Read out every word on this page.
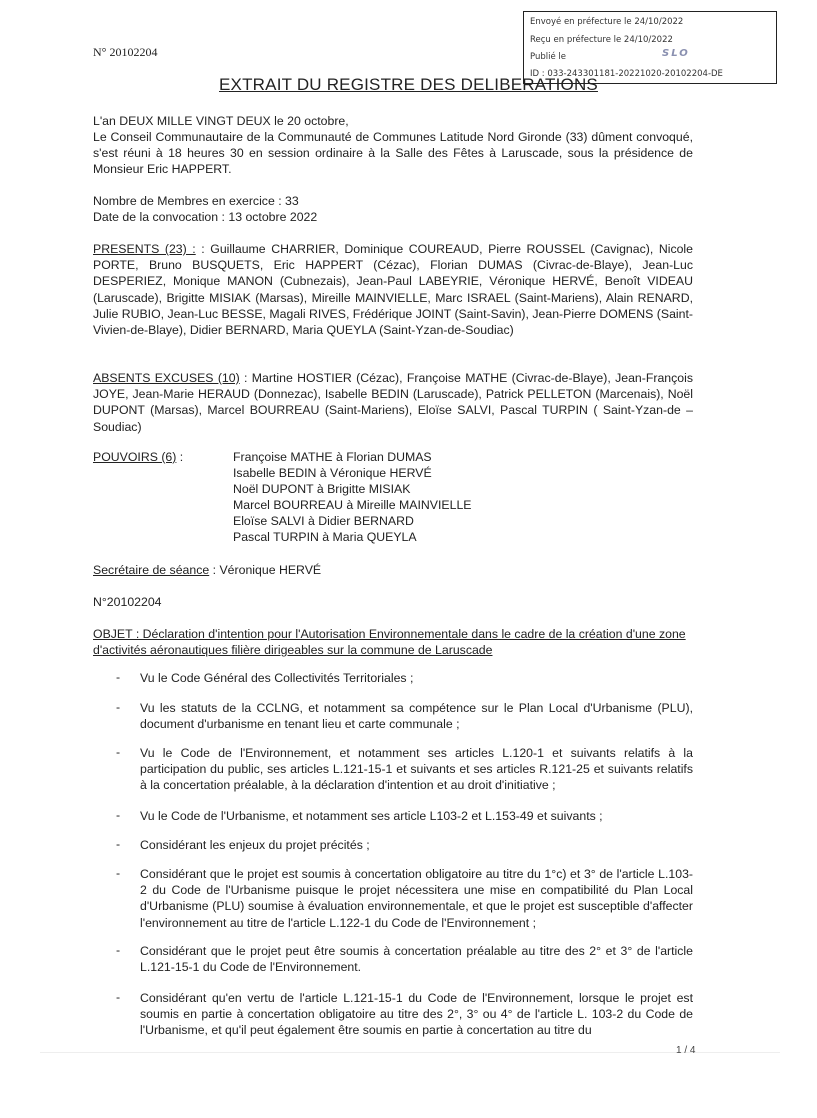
Envoyé en préfecture le 24/10/2022
Reçu en préfecture le 24/10/2022
Publié le	SLO
ID : 033-243301181-20221020-20102204-DE
N° 20102204
EXTRAIT DU REGISTRE DES DELIBERATIONS
L'an DEUX MILLE VINGT DEUX le 20 octobre,
Le Conseil Communautaire de la Communauté de Communes Latitude Nord Gironde (33) dûment convoqué, s'est réuni à 18 heures 30 en session ordinaire à la Salle des Fêtes à Laruscade, sous la présidence de Monsieur Eric HAPPERT.
Nombre de Membres en exercice : 33
Date de la convocation : 13 octobre 2022
PRESENTS (23) : : Guillaume CHARRIER, Dominique COUREAUD, Pierre ROUSSEL (Cavignac), Nicole PORTE, Bruno BUSQUETS, Eric HAPPERT (Cézac), Florian DUMAS (Civrac-de-Blaye), Jean-Luc DESPERIEZ, Monique MANON (Cubnezais), Jean-Paul LABEYRIE, Véronique HERVÉ, Benoît VIDEAU (Laruscade), Brigitte MISIAK (Marsas), Mireille MAINVIELLE, Marc ISRAEL (Saint-Mariens), Alain RENARD, Julie RUBIO, Jean-Luc BESSE, Magali RIVES, Frédérique JOINT (Saint-Savin), Jean-Pierre DOMENS (Saint-Vivien-de-Blaye), Didier BERNARD, Maria QUEYLA (Saint-Yzan-de-Soudiac)
ABSENTS EXCUSES (10) : Martine HOSTIER (Cézac), Françoise MATHE (Civrac-de-Blaye), Jean-François JOYE, Jean-Marie HERAUD (Donnezac), Isabelle BEDIN (Laruscade), Patrick PELLETON (Marcenais), Noël DUPONT (Marsas), Marcel BOURREAU (Saint-Mariens), Eloïse SALVI, Pascal TURPIN ( Saint-Yzan-de –Soudiac)
POUVOIRS (6) :	Françoise MATHE à Florian DUMAS
Isabelle BEDIN à Véronique HERVÉ
Noël DUPONT à Brigitte MISIAK
Marcel BOURREAU à Mireille MAINVIELLE
Eloïse SALVI à Didier BERNARD
Pascal TURPIN à Maria QUEYLA
Secrétaire de séance : Véronique HERVÉ
N°20102204
OBJET : Déclaration d'intention pour l'Autorisation Environnementale dans le cadre de la création d'une zone d'activités aéronautiques filière dirigeables sur la commune de Laruscade
- Vu le Code Général des Collectivités Territoriales ;
- Vu les statuts de la CCLNG, et notamment sa compétence sur le Plan Local d'Urbanisme (PLU), document d'urbanisme en tenant lieu et carte communale ;
- Vu le Code de l'Environnement, et notamment ses articles L.120-1 et suivants relatifs à la participation du public, ses articles L.121-15-1 et suivants et ses articles R.121-25 et suivants relatifs à la concertation préalable, à la déclaration d'intention et au droit d'initiative ;
- Vu le Code de l'Urbanisme, et notamment ses article L103-2 et L.153-49 et suivants ;
- Considérant les enjeux du projet précités ;
- Considérant que le projet est soumis à concertation obligatoire au titre du 1°c) et 3° de l'article L.103-2 du Code de l'Urbanisme puisque le projet nécessitera une mise en compatibilité du Plan Local d'Urbanisme (PLU) soumise à évaluation environnementale, et que le projet est susceptible d'affecter l'environnement au titre de l'article L.122-1 du Code de l'Environnement ;
- Considérant que le projet peut être soumis à concertation préalable au titre des 2° et 3° de l'article L.121-15-1 du Code de l'Environnement.
- Considérant qu'en vertu de l'article L.121-15-1 du Code de l'Environnement, lorsque le projet est soumis en partie à concertation obligatoire au titre des 2°, 3° ou 4° de l'article L. 103-2 du Code de l'Urbanisme, et qu'il peut également être soumis en partie à concertation au titre du
1 / 4
